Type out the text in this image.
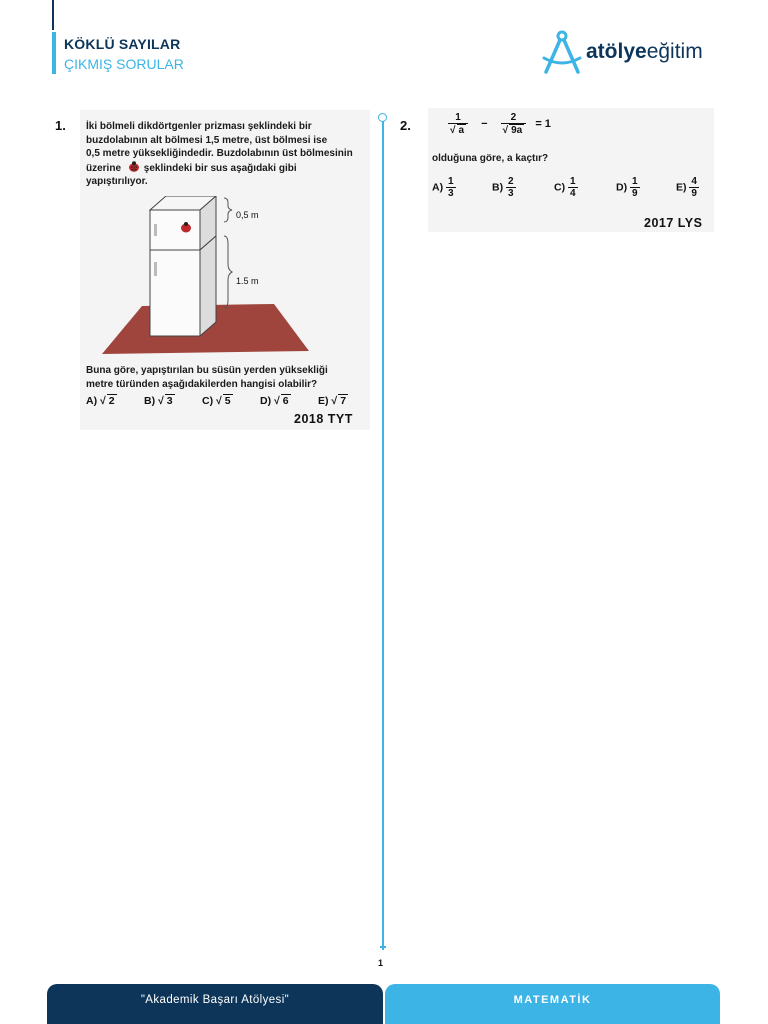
KÖKLÜ SAYILAR
ÇIKMIŞ SORULAR
atölyeeğitim
1
1. İki bölmeli dikdörtgenler prizması şeklindeki bir
buzdolabının alt bölmesi 1,5 metre, üst bölmesi ise
0,5 metre yüksekliğindedir. Buzdolabının üst bölmesinin
üzerine şeklindeki bir sus aşağıdaki gibi
yapıştırılıyor.
0,5 m
1.5 m
Buna göre, yapıştırılan bu süsün yerden yüksekliği
metre türünden aşağıdakilerden hangisi olabilir?
A) √ 2	B) √ 3	C) √ 5	D) √ 6	E) √ 7
2018 TYT
2.	$\frac{1}{√ a} - \frac{2}{√ 9a} = 1$
olduğuna göre, a kaçtır?
$A) \frac{1}{3}$	$B) \frac{2}{3}$	$C) \frac{1}{4}$	$D) \frac{1}{9}$	$E) \frac{4}{9}$
2017 LYS
"Akademik Başarı Atölyesi"	MATEMATİK
